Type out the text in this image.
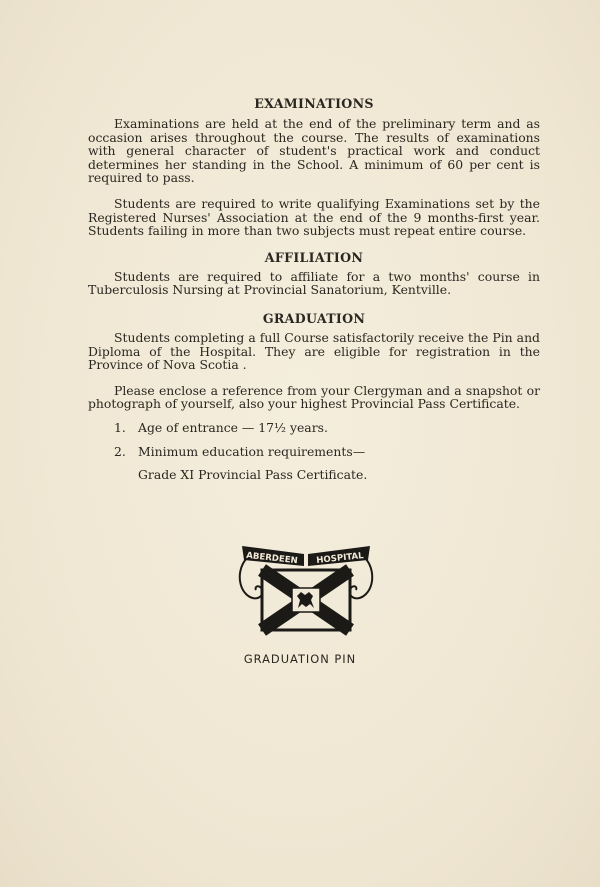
EXAMINATIONS

Examinations are held at the end of the preliminary term and as occasion arises throughout the course. The results of examinations with general character of student's practical work and conduct determines her standing in the School. A minimum of 60 per cent is required to pass.

Students are required to write qualifying Examinations set by the Registered Nurses' Association at the end of the 9 months-first year. Students failing in more than two subjects must repeat entire course.

AFFILIATION

Students are required to affiliate for a two months' course in Tuberculosis Nursing at Provincial Sanatorium, Kentville.

GRADUATION

Students completing a full Course satisfactorily receive the Pin and Diploma of the Hospital. They are eligible for registration in the Province of Nova Scotia .

Please enclose a reference from your Clergyman and a snapshot or photograph of yourself, also your highest Provincial Pass Certificate.

1. Age of entrance — 17½ years.
2. Minimum education requirements—
Grade XI Provincial Pass Certificate.
ABERDEEN HOSPITAL
GRADUATION PIN
